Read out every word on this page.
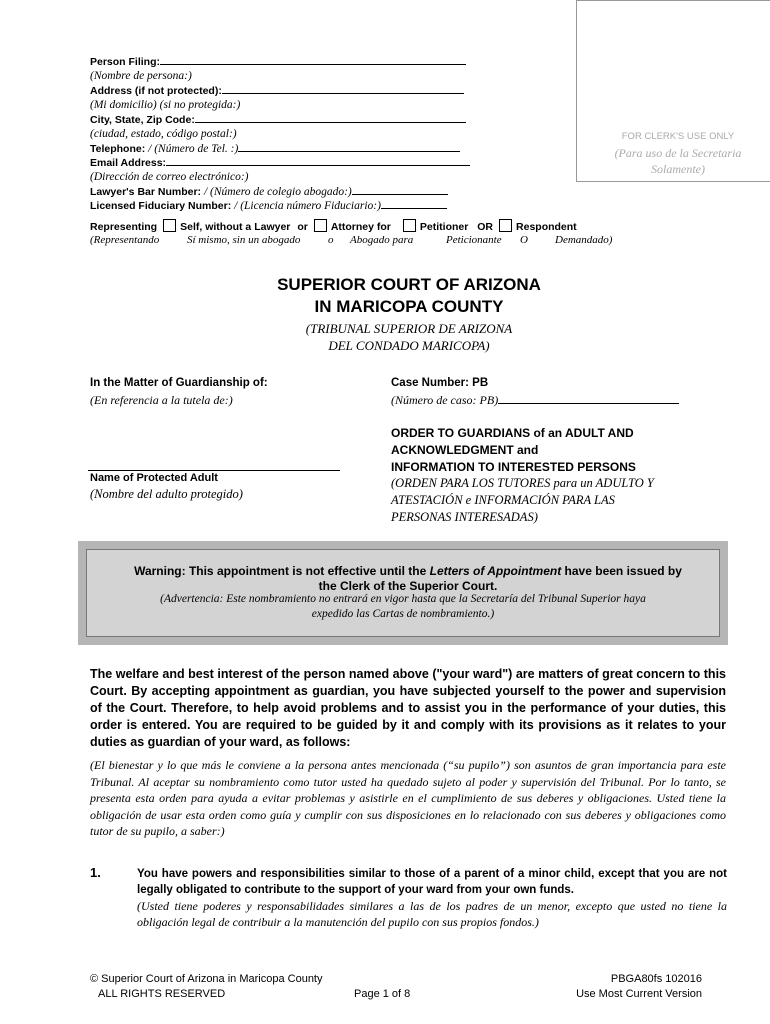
FOR CLERK'S USE ONLY
(Para uso de la Secretaria
Solamente)
Person Filing:
(Nombre de persona:)
Address (if not protected):
(Mi domicilio) (si no protegida:)
City, State, Zip Code:
(ciudad, estado, código postal:)
Telephone: / (Número de Tel. :)
Email Address:
(Dirección de correo electrónico:)
Lawyer's Bar Number: / (Número de colegio abogado:)
Licensed Fiduciary Number: / (Licencia número Fiduciario:)
Representing Self, without a Lawyer or Attorney for	Petitioner OR Respondent
(Representando	Sí mismo, sin un abogado	o Abogado para	Peticionante O Demandado)
SUPERIOR COURT OF ARIZONA
IN MARICOPA COUNTY
(TRIBUNAL SUPERIOR DE ARIZONA
DEL CONDADO MARICOPA)
In the Matter of Guardianship of:
(En referencia a la tutela de:)
Name of Protected Adult
(Nombre del adulto protegido)
Case Number: PB
(Número de caso: PB)
ORDER TO GUARDIANS of an ADULT AND
ACKNOWLEDGMENT and
INFORMATION TO INTERESTED PERSONS
(ORDEN PARA LOS TUTORES para un ADULTO Y
ATESTACIÓN e INFORMACIÓN PARA LAS
PERSONAS INTERESADAS)
Warning: This appointment is not effective until the Letters of Appointment have been issued by
the Clerk of the Superior Court.
(Advertencia: Este nombramiento no entrará en vigor hasta que la Secretaría del Tribunal Superior haya
expedido las Cartas de nombramiento.)
The welfare and best interest of the person named above ("your ward") are matters of great concern to this Court. By accepting appointment as guardian, you have subjected yourself to the power and supervision of the Court. Therefore, to help avoid problems and to assist you in the performance of your duties, this order is entered. You are required to be guided by it and comply with its provisions as it relates to your duties as guardian of your ward, as follows:
(El bienestar y lo que más le conviene a la persona antes mencionada (“su pupilo”) son asuntos de gran importancia para este Tribunal. Al aceptar su nombramiento como tutor usted ha quedado sujeto al poder y supervisión del Tribunal. Por lo tanto, se presenta esta orden para ayuda a evitar problemas y asistirle en el cumplimiento de sus deberes y obligaciones. Usted tiene la obligación de usar esta orden como guía y cumplir con sus disposiciones en lo relacionado con sus deberes y obligaciones como tutor de su pupilo, a saber:)
1.	You have powers and responsibilities similar to those of a parent of a minor child, except that you are not legally obligated to contribute to the support of your ward from your own funds.
(Usted tiene poderes y responsabilidades similares a las de los padres de un menor, excepto que usted no tiene la obligación legal de contribuir a la manutención del pupilo con sus propios fondos.)
© Superior Court of Arizona in Maricopa County
ALL RIGHTS RESERVED	Page 1 of 8
PBGA80fs 102016
Use Most Current Version
